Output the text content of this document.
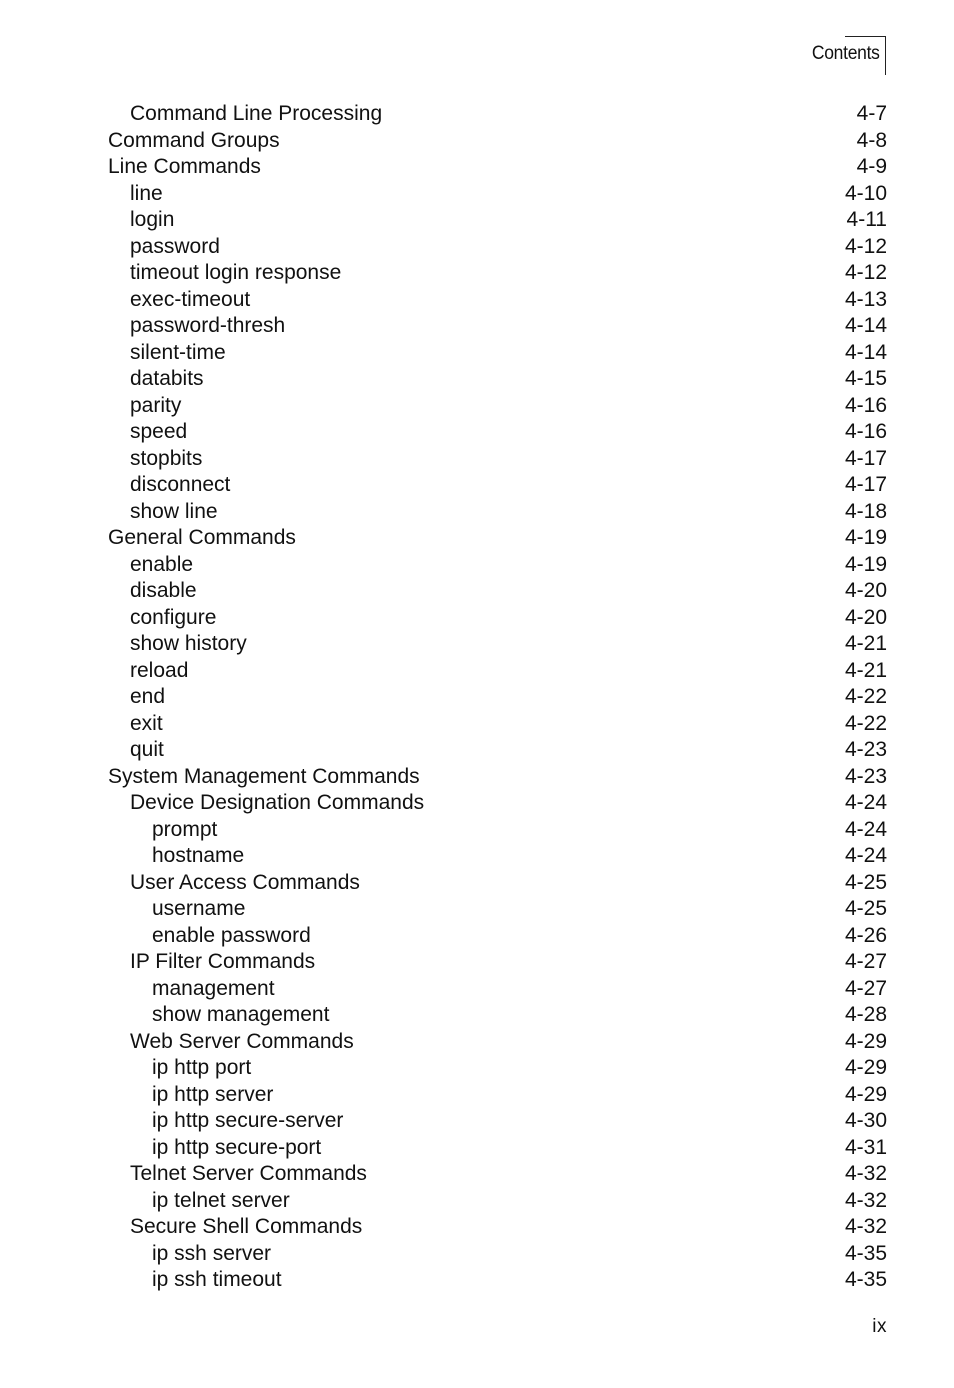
Contents
Command Line Processing	4-7
Command Groups	4-8
Line Commands	4-9
line	4-10
login	4-11
password	4-12
timeout login response	4-12
exec-timeout	4-13
password-thresh	4-14
silent-time	4-14
databits	4-15
parity	4-16
speed	4-16
stopbits	4-17
disconnect	4-17
show line	4-18
General Commands	4-19
enable	4-19
disable	4-20
configure	4-20
show history	4-21
reload	4-21
end	4-22
exit	4-22
quit	4-23
System Management Commands	4-23
Device Designation Commands	4-24
prompt	4-24
hostname	4-24
User Access Commands	4-25
username	4-25
enable password	4-26
IP Filter Commands	4-27
management	4-27
show management	4-28
Web Server Commands	4-29
ip http port	4-29
ip http server	4-29
ip http secure-server	4-30
ip http secure-port	4-31
Telnet Server Commands	4-32
ip telnet server	4-32
Secure Shell Commands	4-32
ip ssh server	4-35
ip ssh timeout	4-35
ix
